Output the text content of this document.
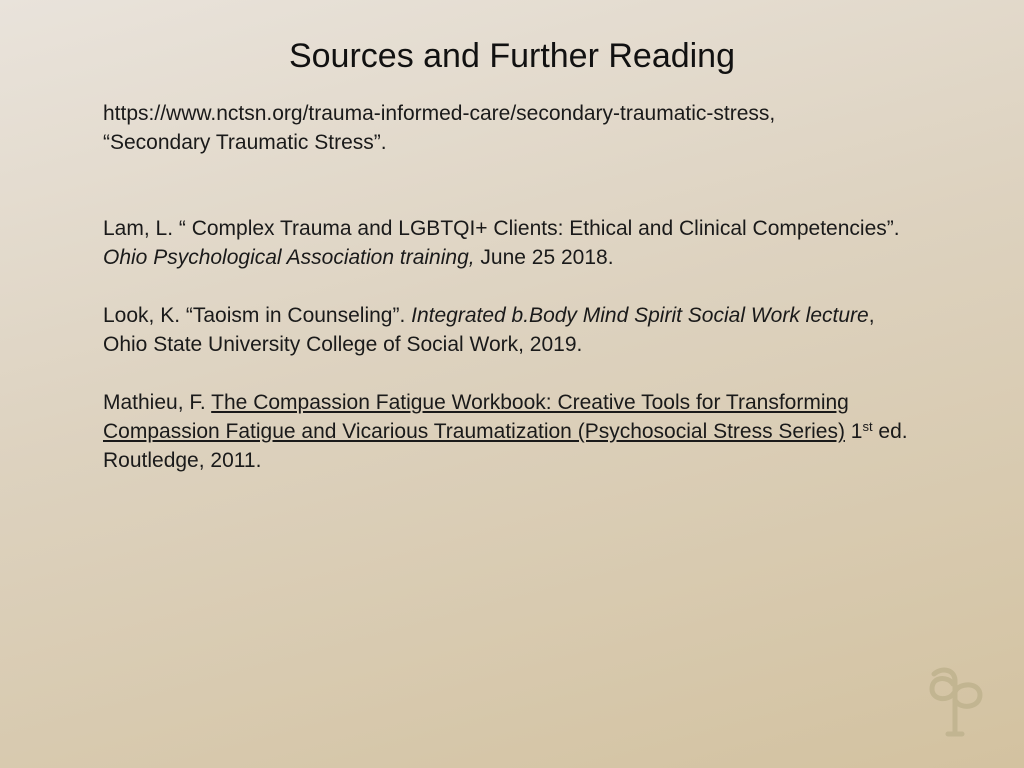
Sources and Further Reading

https://www.nctsn.org/trauma-informed-care/secondary-traumatic-stress,
“Secondary Traumatic Stress”.

Lam, L. “ Complex Trauma and LGBTQI+ Clients: Ethical and Clinical Competencies”. Ohio Psychological Association training, June 25 2018.

Look, K. “Taoism in Counseling”. Integrated b.Body Mind Spirit Social Work lecture, Ohio State University College of Social Work, 2019.

Mathieu, F. The Compassion Fatigue Workbook: Creative Tools for Transforming Compassion Fatigue and Vicarious Traumatization (Psychosocial Stress Series) 1st ed. Routledge, 2011.
